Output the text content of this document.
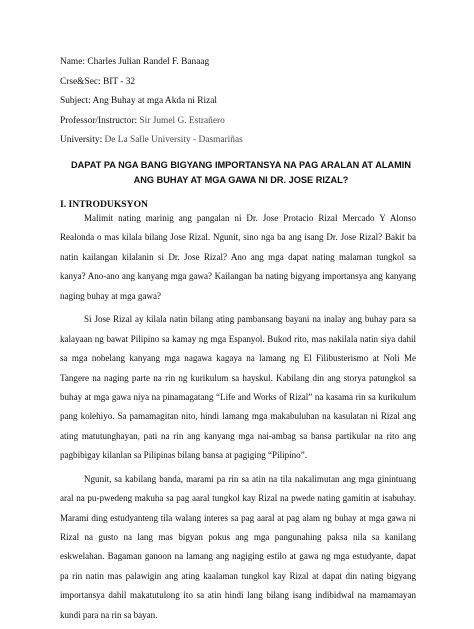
Name: Charles Julian Randel F. Banaag
Crse&Sec: BIT - 32
Subject: Ang Buhay at mga Akda ni Rizal
Professor/Instructor: Sir Jumel G. Estrañero
University: De La Salle University - Dasmariñas
DAPAT PA NGA BANG BIGYANG IMPORTANSYA NA PAG ARALAN AT ALAMIN
ANG BUHAY AT MGA GAWA NI DR. JOSE RIZAL?
I. INTRODUKSYON
Malimit nating marinig ang pangalan ni Dr. Jose Protacio Rizal Mercado Y Alonso
Realonda o mas kilala bilang Jose Rizal. Ngunit, sino nga ba ang isang Dr. Jose Rizal? Bakit ba
natin kailangan kilalanin si Dr. Jose Rizal? Ano ang mga dapat nating malaman tungkol sa
kanya? Ano-ano ang kanyang mga gawa? Kailangan ba nating bigyang importansya ang kanyang
naging buhay at mga gawa?
Si Jose Rizal ay kilala natin bilang ating pambansang bayani na inalay ang buhay para sa
kalayaan ng bawat Pilipino sa kamay ng mga Espanyol. Bukod rito, mas nakilala natin siya dahil
sa mga nobelang kanyang mga nagawa kagaya na lamang ng El Filibusterismo at Noli Me
Tangere na naging parte na rin ng kurikulum sa hayskul. Kabilang din ang storya patungkol sa
buhay at mga gawa niya na pinamagatang “Life and Works of Rizal” na kasama rin sa kurikulum
pang kolehiyo. Sa pamamagitan nito, hindi lamang mga makabuluhan na kasulatan ni Rizal ang
ating matutunghayan, pati na rin ang kanyang mga nai-ambag sa bansa partikular na rito ang
pagbibigay kilanlan sa Pilipinas bilang bansa at pagiging “Pilipino”.
Ngunit, sa kabilang banda, marami pa rin sa atin na tila nakalimutan ang mga ginintuang
aral na pu-pwedeng makuha sa pag aaral tungkol kay Rizal na pwede nating gamitin at isabuhay.
Marami ding estudyanteng tila walang interes sa pag aaral at pag alam ng buhay at mga gawa ni
Rizal na gusto na lang mas bigyan pokus ang mga pangunahing paksa nila sa kanilang
eskwelahan. Bagaman ganoon na lamang ang nagiging estilo at gawa ng mga estudyante, dapat
pa rin natin mas palawigin ang ating kaalaman tungkol kay Rizal at dapat din nating bigyang
importansya dahil makatutulong ito sa atin hindi lang bilang isang indibidwal na mamamayan
kundi para na rin sa bayan.
